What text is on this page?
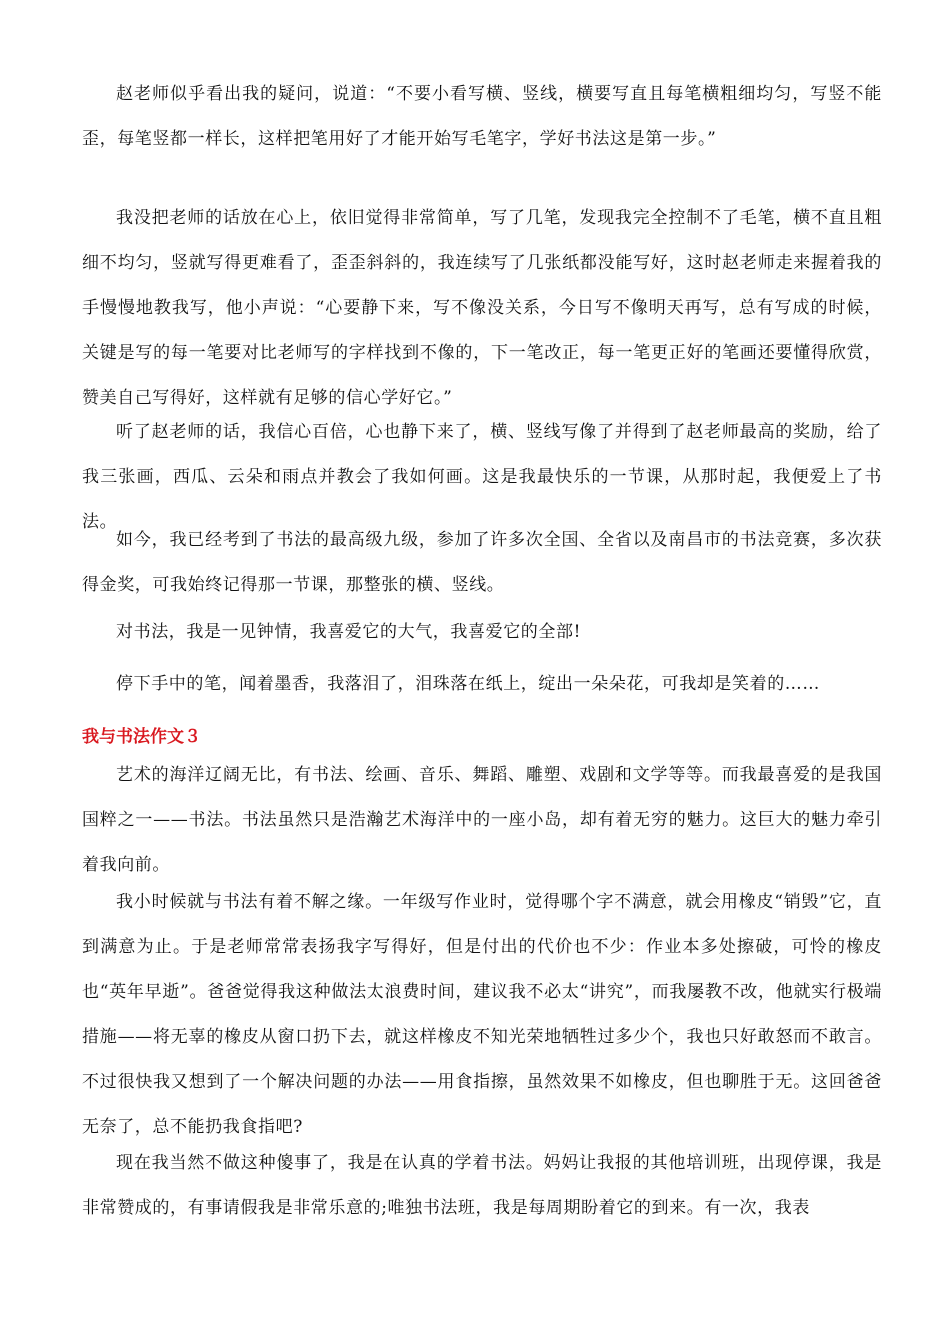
赵老师似乎看出我的疑问，说道：“不要小看写横、竖线，横要写直且每笔横粗细均匀，写竖不能歪，每笔竖都一样长，这样把笔用好了才能开始写毛笔字，学好书法这是第一步。”

我没把老师的话放在心上，依旧觉得非常简单，写了几笔，发现我完全控制不了毛笔，横不直且粗细不均匀，竖就写得更难看了，歪歪斜斜的，我连续写了几张纸都没能写好，这时赵老师走来握着我的手慢慢地教我写，他小声说：“心要静下来，写不像没关系，今日写不像明天再写，总有写成的时候，关键是写的每一笔要对比老师写的字样找到不像的，下一笔改正，每一笔更正好的笔画还要懂得欣赏，赞美自己写得好，这样就有足够的信心学好它。”

听了赵老师的话，我信心百倍，心也静下来了，横、竖线写像了并得到了赵老师最高的奖励，给了我三张画，西瓜、云朵和雨点并教会了我如何画。这是我最快乐的一节课，从那时起，我便爱上了书法。

如今，我已经考到了书法的最高级九级，参加了许多次全国、全省以及南昌市的书法竞赛，多次获得金奖，可我始终记得那一节课，那整张的横、竖线。

对书法，我是一见钟情，我喜爱它的大气，我喜爱它的全部!

停下手中的笔，闻着墨香，我落泪了，泪珠落在纸上，绽出一朵朵花，可我却是笑着的……

我与书法作文３

艺术的海洋辽阔无比，有书法、绘画、音乐、舞蹈、雕塑、戏剧和文学等等。而我最喜爱的是我国国粹之一——书法。书法虽然只是浩瀚艺术海洋中的一座小岛，却有着无穷的魅力。这巨大的魅力牵引着我向前。

我小时候就与书法有着不解之缘。一年级写作业时，觉得哪个字不满意，就会用橡皮“销毁”它，直到满意为止。于是老师常常表扬我字写得好，但是付出的代价也不少：作业本多处擦破，可怜的橡皮也“英年早逝”。爸爸觉得我这种做法太浪费时间，建议我不必太“讲究”，而我屡教不改，他就实行极端措施——将无辜的橡皮从窗口扔下去，就这样橡皮不知光荣地牺牲过多少个，我也只好敢怒而不敢言。不过很快我又想到了一个解决问题的办法——用食指擦，虽然效果不如橡皮，但也聊胜于无。这回爸爸无奈了，总不能扔我食指吧?

现在我当然不做这种傻事了，我是在认真的学着书法。妈妈让我报的其他培训班，出现停课，我是非常赞成的，有事请假我是非常乐意的;唯独书法班，我是每周期盼着它的到来。有一次，我表
